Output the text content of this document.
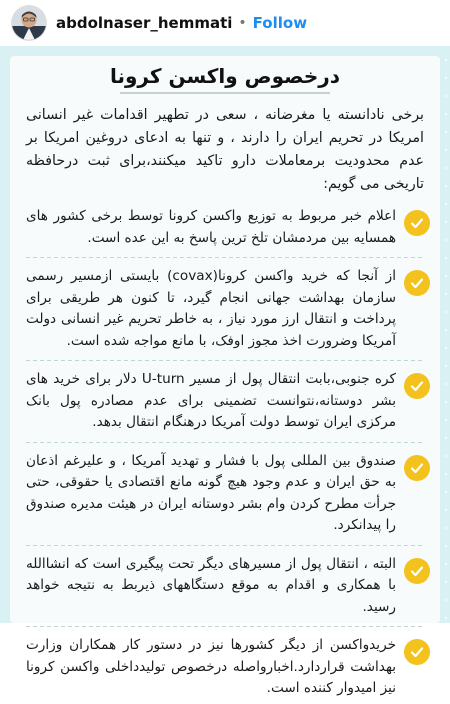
abdolnaser_hemmati • Follow
درخصوص واکسن کرونا
برخی نادانسته یا مغرضانه ، سعی در تطهیر اقدامات غیر انسانی امریکا در تحریم ایران را دارند ، و تنها به ادعای دروغین امریکا بر عدم محدودیت برمعاملات دارو تاکید میکنند،برای ثبت درحافظه تاریخی می گویم:
اعلام خبر مربوط به توزیع واکسن کرونا توسط برخی کشور های همسایه بین مردمشان تلخ ترین پاسخ به این عده است.
از آنجا که خرید واکسن کرونا(covax) بایستی ازمسیر رسمی سازمان بهداشت جهانی انجام گیرد، تا کنون هر طریقی برای پرداخت و انتقال ارز مورد نیاز ، به خاطر تحریم غیر انسانی دولت آمریکا وضرورت اخذ مجوز اوفک، با مانع مواجه شده است.
کره جنوبی،بابت انتقال پول از مسیر U-turn دلار برای خرید های بشر دوستانه،نتوانست تضمینی برای عدم مصادره پول بانک مرکزی ایران توسط دولت آمریکا درهنگام انتقال بدهد.
صندوق بین المللی پول با فشار و تهدید آمریکا ، و علیرغم اذعان به حق ایران و عدم وجود هیچ گونه مانع اقتصادی یا حقوقی، حتی جرأت مطرح کردن وام بشر دوستانه ایران در هیئت مدیره صندوق را پیدانکرد.
البته ، انتقال پول از مسیرهای دیگر تحت پیگیری است که انشاالله با همکاری و اقدام به موقع دستگاههای ذیربط به نتیجه خواهد رسید.
خریدواکسن از دیگر کشورها نیز در دستور کار همکاران وزارت بهداشت قراردارد.اخبارواصله درخصوص تولیدداخلی واکسن کرونا نیز امیدوار کننده است.
